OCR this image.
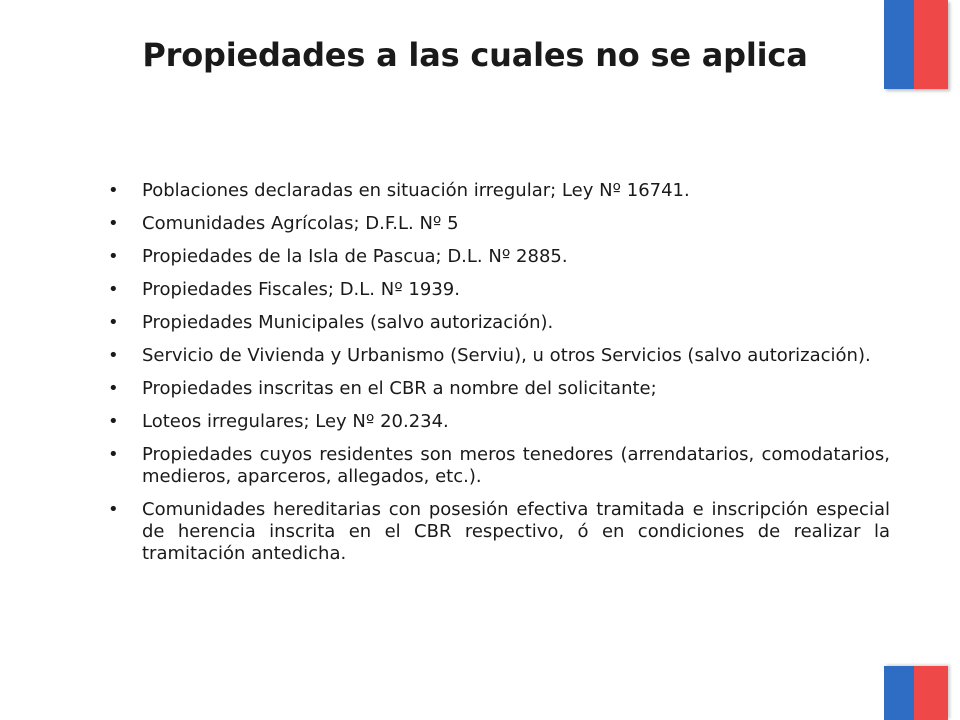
Propiedades a las cuales no se aplica
•	Poblaciones declaradas en situación irregular; Ley Nº 16741.
•	Comunidades Agrícolas; D.F.L. Nº 5
•	Propiedades de la Isla de Pascua; D.L. Nº 2885.
•	Propiedades Fiscales; D.L. Nº 1939.
•	Propiedades Municipales (salvo autorización).
•	Servicio de Vivienda y Urbanismo (Serviu), u otros Servicios (salvo autorización).
•	Propiedades inscritas en el CBR a nombre del solicitante;
•	Loteos irregulares; Ley Nº 20.234.
•	Propiedades cuyos residentes son meros tenedores (arrendatarios, comodatarios, medieros, aparceros, allegados, etc.).
•	Comunidades hereditarias con posesión efectiva tramitada e inscripción especial de herencia inscrita en el CBR respectivo, ó en condiciones de realizar la tramitación antedicha.
